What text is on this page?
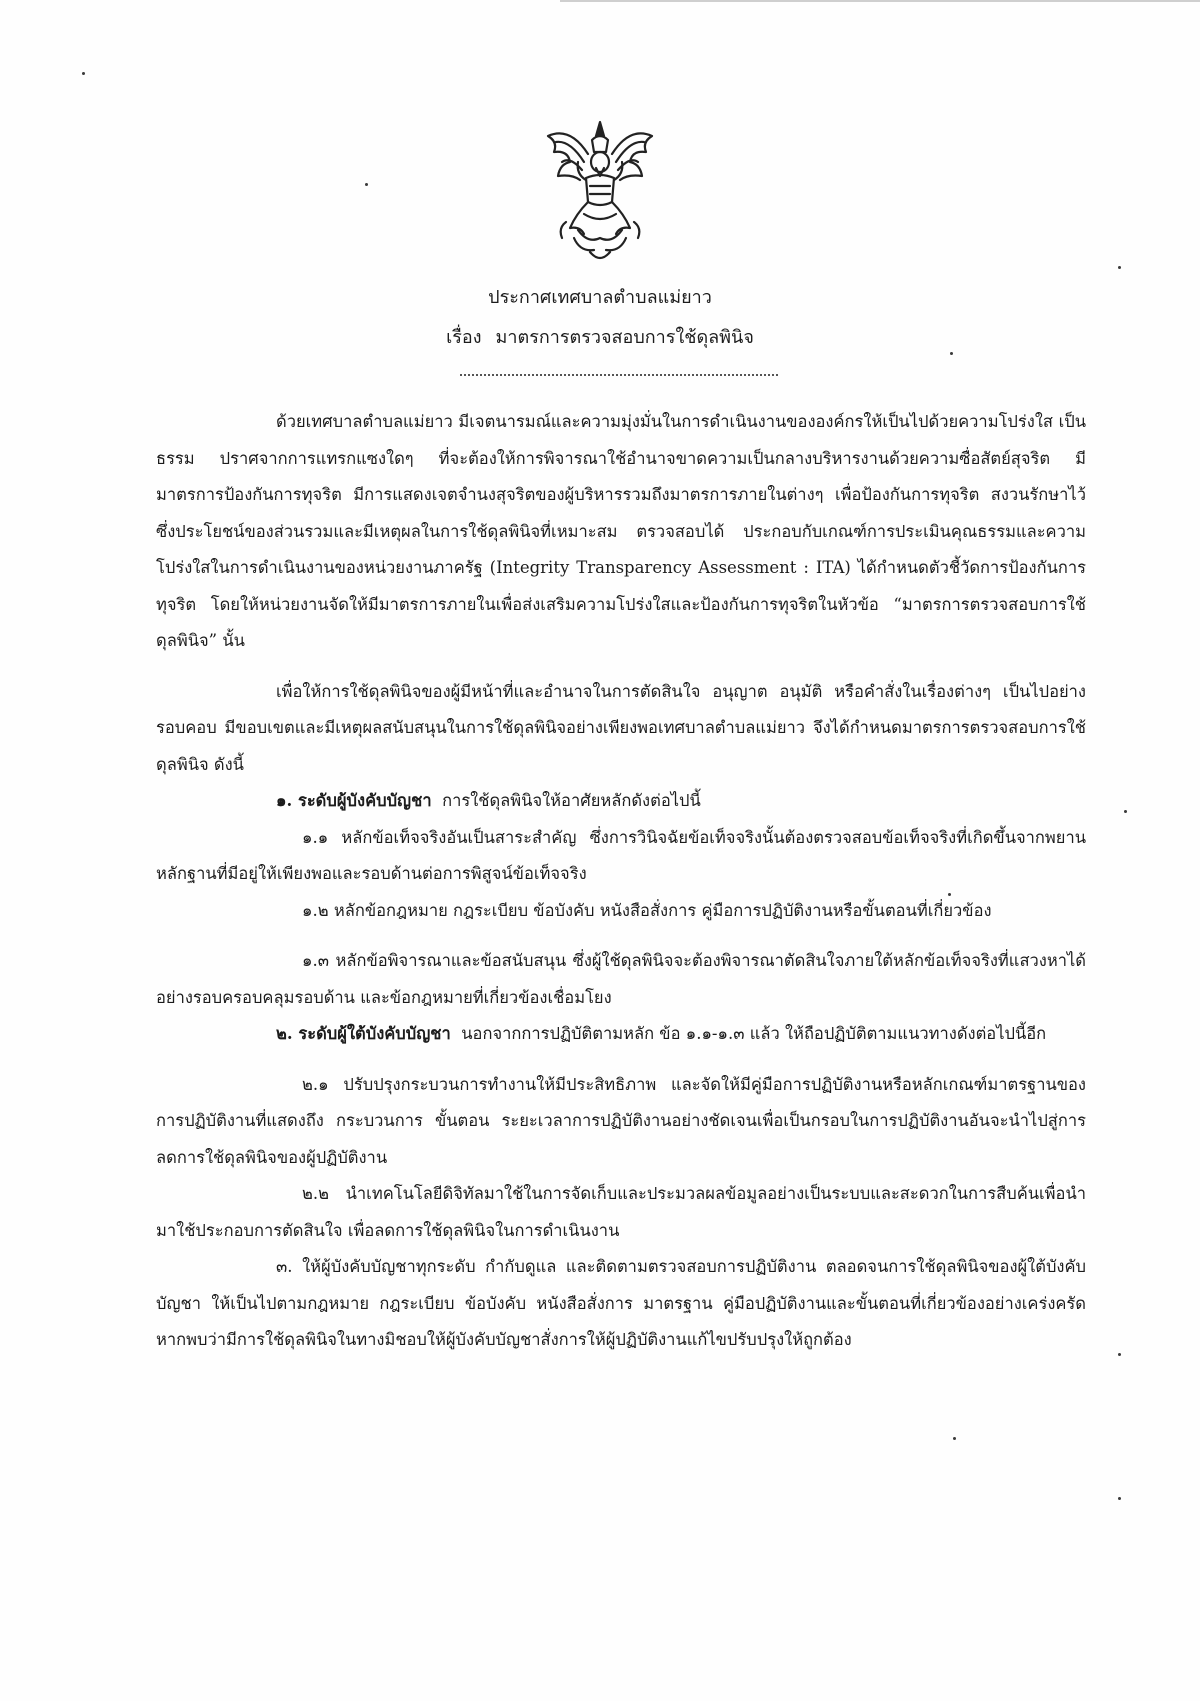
ประกาศเทศบาลตำบลแม่ยาว
เรื่อง มาตรการตรวจสอบการใช้ดุลพินิจ

ด้วยเทศบาลตำบลแม่ยาว มีเจตนารมณ์และความมุ่งมั่นในการดำเนินงานขององค์กรให้เป็นไปด้วยความโปร่งใส เป็นธรรม ปราศจากการแทรกแซงใดๆ ที่จะต้องให้การพิจารณาใช้อำนาจขาดความเป็นกลางบริหารงานด้วยความซื่อสัตย์สุจริต มีมาตรการป้องกันการทุจริต มีการแสดงเจตจำนงสุจริตของผู้บริหารรวมถึงมาตรการภายในต่างๆ เพื่อป้องกันการทุจริต สงวนรักษาไว้ซึ่งประโยชน์ของส่วนรวมและมีเหตุผลในการใช้ดุลพินิจที่เหมาะสม ตรวจสอบได้ ประกอบกับเกณฑ์การประเมินคุณธรรมและความโปร่งใสในการดำเนินงานของหน่วยงานภาครัฐ (Integrity Transparency Assessment : ITA) ได้กำหนดตัวชี้วัดการป้องกันการทุจริต โดยให้หน่วยงานจัดให้มีมาตรการภายในเพื่อส่งเสริมความโปร่งใสและป้องกันการทุจริตในหัวข้อ “มาตรการตรวจสอบการใช้ดุลพินิจ” นั้น

เพื่อให้การใช้ดุลพินิจของผู้มีหน้าที่และอำนาจในการตัดสินใจ อนุญาต อนุมัติ หรือคำสั่งในเรื่องต่างๆ เป็นไปอย่างรอบคอบ มีขอบเขตและมีเหตุผลสนับสนุนในการใช้ดุลพินิจอย่างเพียงพอเทศบาลตำบลแม่ยาว จึงได้กำหนดมาตรการตรวจสอบการใช้ดุลพินิจ ดังนี้

๑. ระดับผู้บังคับบัญชา การใช้ดุลพินิจให้อาศัยหลักดังต่อไปนี้

๑.๑ หลักข้อเท็จจริงอันเป็นสาระสำคัญ ซึ่งการวินิจฉัยข้อเท็จจริงนั้นต้องตรวจสอบข้อเท็จจริงที่เกิดขึ้นจากพยานหลักฐานที่มีอยู่ให้เพียงพอและรอบด้านต่อการพิสูจน์ข้อเท็จจริง

๑.๒ หลักข้อกฎหมาย กฎระเบียบ ข้อบังคับ หนังสือสั่งการ คู่มือการปฏิบัติงานหรือขั้นตอนที่เกี่ยวข้อง

๑.๓ หลักข้อพิจารณาและข้อสนับสนุน ซึ่งผู้ใช้ดุลพินิจจะต้องพิจารณาตัดสินใจภายใต้หลักข้อเท็จจริงที่แสวงหาได้อย่างรอบครอบคลุมรอบด้าน และข้อกฎหมายที่เกี่ยวข้องเชื่อมโยง

๒. ระดับผู้ใต้บังคับบัญชา นอกจากการปฏิบัติตามหลัก ข้อ ๑.๑-๑.๓ แล้ว ให้ถือปฏิบัติตามแนวทางดังต่อไปนี้อีก

๒.๑ ปรับปรุงกระบวนการทำงานให้มีประสิทธิภาพ และจัดให้มีคู่มือการปฏิบัติงานหรือหลักเกณฑ์มาตรฐานของการปฏิบัติงานที่แสดงถึง กระบวนการ ขั้นตอน ระยะเวลาการปฏิบัติงานอย่างชัดเจนเพื่อเป็นกรอบในการปฏิบัติงานอันจะนำไปสู่การลดการใช้ดุลพินิจของผู้ปฏิบัติงาน

๒.๒ นำเทคโนโลยีดิจิทัลมาใช้ในการจัดเก็บและประมวลผลข้อมูลอย่างเป็นระบบและสะดวกในการสืบค้นเพื่อนำมาใช้ประกอบการตัดสินใจ เพื่อลดการใช้ดุลพินิจในการดำเนินงาน

๓. ให้ผู้บังคับบัญชาทุกระดับ กำกับดูแล และติดตามตรวจสอบการปฏิบัติงาน ตลอดจนการใช้ดุลพินิจของผู้ใต้บังคับบัญชา ให้เป็นไปตามกฎหมาย กฎระเบียบ ข้อบังคับ หนังสือสั่งการ มาตรฐาน คู่มือปฏิบัติงานและขั้นตอนที่เกี่ยวข้องอย่างเคร่งครัด หากพบว่ามีการใช้ดุลพินิจในทางมิชอบให้ผู้บังคับบัญชาสั่งการให้ผู้ปฏิบัติงานแก้ไขปรับปรุงให้ถูกต้อง
